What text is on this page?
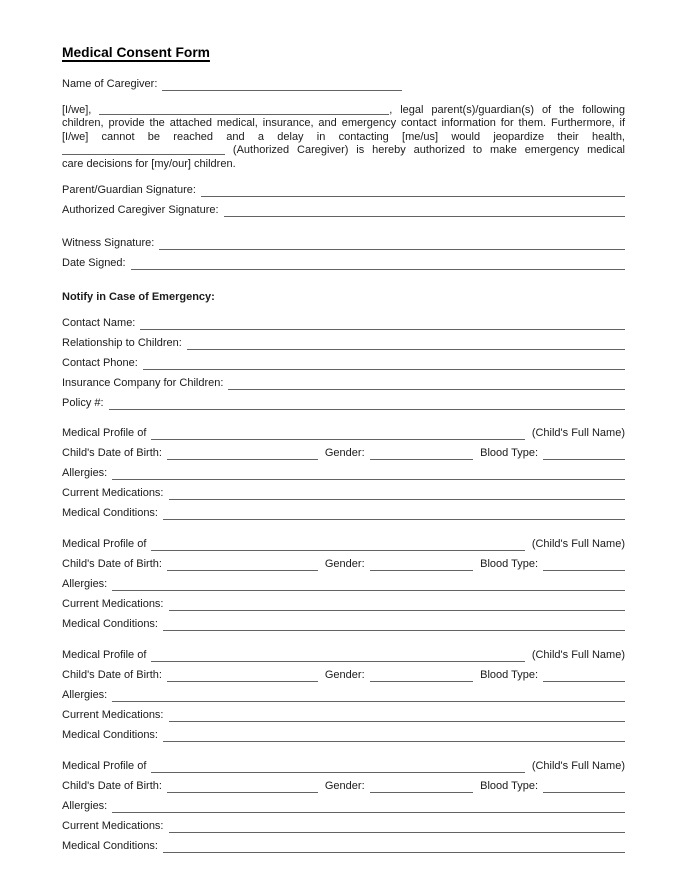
Medical Consent Form
Name of Caregiver:
[I/we],	, legal parent(s)/guardian(s) of the following
children, provide the attached medical, insurance, and emergency contact information for them. Furthermore, if
[I/we] cannot be reached and a delay in contacting [me/us] would jeopardize their health,
(Authorized Caregiver) is hereby authorized to make emergency medical
care decisions for [my/our] children.
Parent/Guardian Signature:
Authorized Caregiver Signature:
Witness Signature:
Date Signed:
Notify in Case of Emergency:
Contact Name:
Relationship to Children:
Contact Phone:
Insurance Company for Children:
Policy #:
Medical Profile of	(Child's Full Name)
Child's Date of Birth:	Gender:	Blood Type:
Allergies:
Current Medications:
Medical Conditions:
Medical Profile of	(Child's Full Name)
Child's Date of Birth:	Gender:	Blood Type:
Allergies:
Current Medications:
Medical Conditions:
Medical Profile of	(Child's Full Name)
Child's Date of Birth:	Gender:	Blood Type:
Allergies:
Current Medications:
Medical Conditions:
Medical Profile of	(Child's Full Name)
Child's Date of Birth:	Gender:	Blood Type:
Allergies:
Current Medications:
Medical Conditions:
